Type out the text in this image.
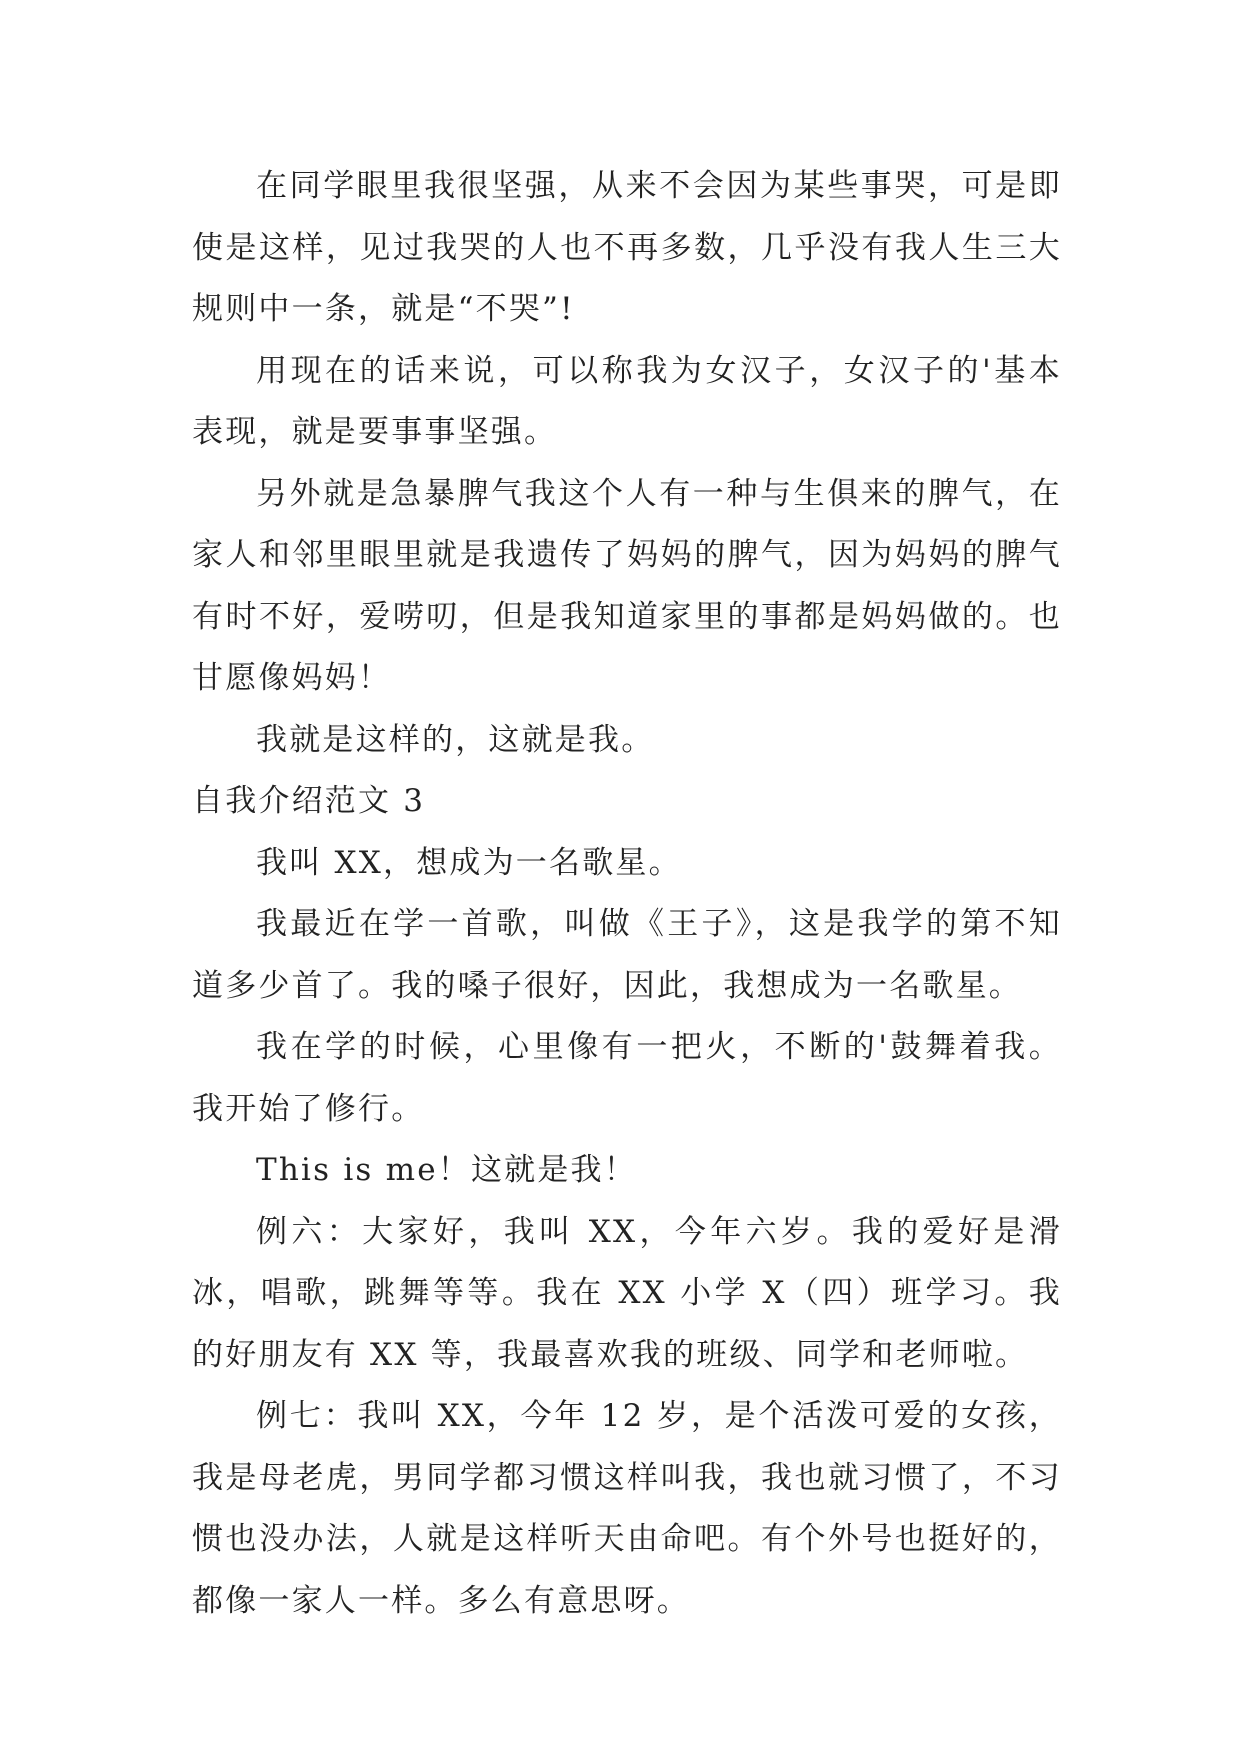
在同学眼里我很坚强，从来不会因为某些事哭，可是即使是这样，见过我哭的人也不再多数，几乎没有我人生三大规则中一条，就是“不哭”!

用现在的话来说，可以称我为女汉子，女汉子的'基本表现，就是要事事坚强。

另外就是急暴脾气我这个人有一种与生俱来的脾气，在家人和邻里眼里就是我遗传了妈妈的脾气，因为妈妈的脾气有时不好，爱唠叨，但是我知道家里的事都是妈妈做的。也甘愿像妈妈！

我就是这样的，这就是我。

自我介绍范文 3

我叫 XX，想成为一名歌星。

我最近在学一首歌，叫做《王子》，这是我学的第不知道多少首了。我的嗓子很好，因此，我想成为一名歌星。

我在学的时候，心里像有一把火，不断的'鼓舞着我。我开始了修行。

This is me！这就是我！

例六：大家好，我叫 XX，今年六岁。我的爱好是滑冰，唱歌，跳舞等等。我在 XX 小学 X（四）班学习。我的好朋友有 XX 等，我最喜欢我的班级、同学和老师啦。

例七：我叫 XX，今年 12 岁，是个活泼可爱的女孩，我是母老虎，男同学都习惯这样叫我，我也就习惯了，不习惯也没办法，人就是这样听天由命吧。有个外号也挺好的，都像一家人一样。多么有意思呀。
